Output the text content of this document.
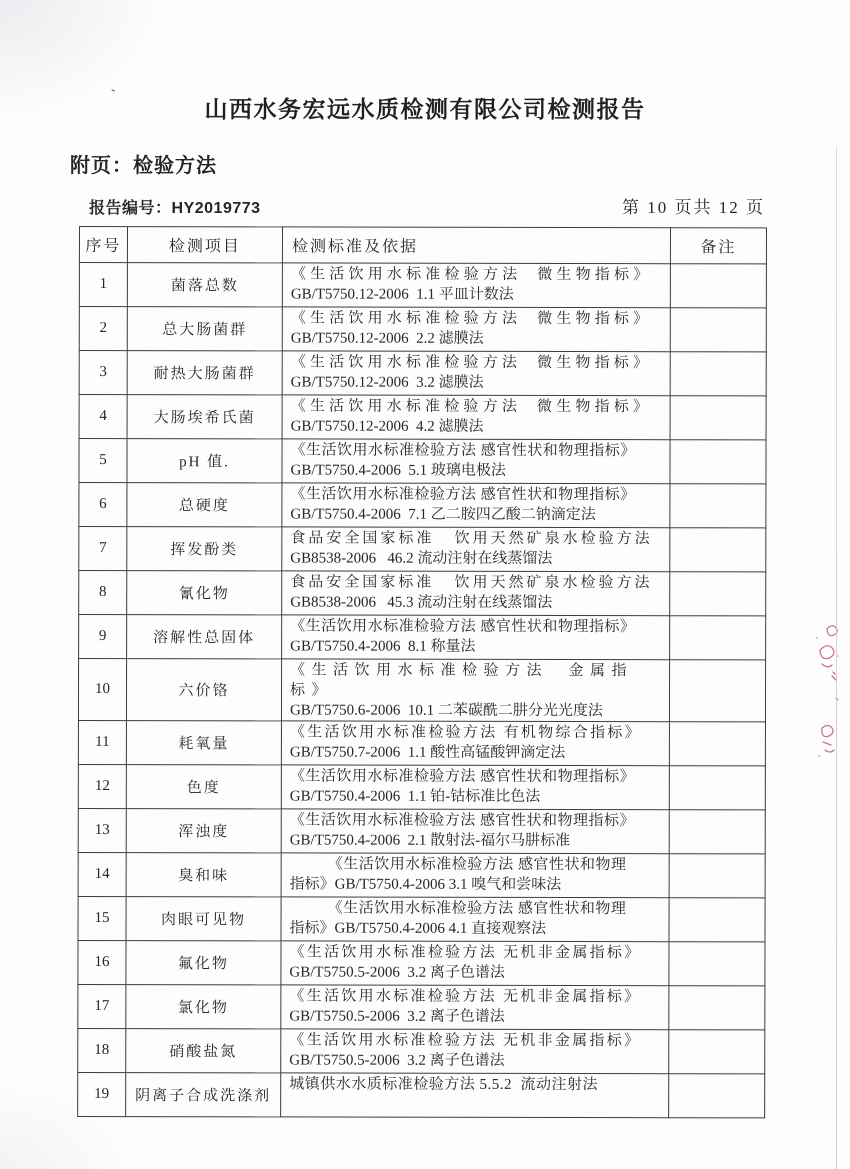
`
山西水务宏远水质检测有限公司检测报告
附页：检验方法
报告编号：HY2019773	第 10 页共 12 页
序号	检测项目	检测标准及依据	备注
1	菌落总数	《生活饮用水标准检验方法  微生物指标》
GB/T5750.12-2006  1.1 平皿计数法	

2	总大肠菌群	《生活饮用水标准检验方法  微生物指标》
GB/T5750.12-2006  2.2 滤膜法	

3	耐热大肠菌群	《生活饮用水标准检验方法  微生物指标》
GB/T5750.12-2006  3.2 滤膜法	

4	大肠埃希氏菌	《生活饮用水标准检验方法  微生物指标》
GB/T5750.12-2006  4.2 滤膜法	

5	pH 值.	《生活饮用水标准检验方法 感官性状和物理指标》
GB/T5750.4-2006  5.1 玻璃电极法	

6	总硬度	《生活饮用水标准检验方法 感官性状和物理指标》
GB/T5750.4-2006  7.1 乙二胺四乙酸二钠滴定法	

7	挥发酚类	食品安全国家标准   饮用天然矿泉水检验方法
GB8538-2006   46.2 流动注射在线蒸馏法	

8	氰化物	食品安全国家标准   饮用天然矿泉水检验方法
GB8538-2006   45.3 流动注射在线蒸馏法	

9	溶解性总固体	《生活饮用水标准检验方法 感官性状和物理指标》
GB/T5750.4-2006  8.1 称量法	

10	六价铬	《生活饮用水标准检验方法  金属指标》
GB/T5750.6-2006  10.1 二苯碳酰二肼分光光度法	

11	耗氧量	《生活饮用水标准检验方法 有机物综合指标》
GB/T5750.7-2006  1.1 酸性高锰酸钾滴定法	

12	色度	《生活饮用水标准检验方法 感官性状和物理指标》
GB/T5750.4-2006  1.1 铂-钴标准比色法	

13	浑浊度	《生活饮用水标准检验方法 感官性状和物理指标》
GB/T5750.4-2006  2.1 散射法-福尔马肼标准	

14	臭和味	《生活饮用水标准检验方法 感官性状和物理
指标》GB/T5750.4-2006 3.1 嗅气和尝味法	

15	肉眼可见物	《生活饮用水标准检验方法 感官性状和物理
指标》GB/T5750.4-2006 4.1 直接观察法	

16	氟化物	《生活饮用水标准检验方法 无机非金属指标》
GB/T5750.5-2006  3.2 离子色谱法	

17	氯化物	《生活饮用水标准检验方法 无机非金属指标》
GB/T5750.5-2006  3.2 离子色谱法	

18	硝酸盐氮	《生活饮用水标准检验方法 无机非金属指标》
GB/T5750.5-2006  3.2 离子色谱法	

19	阴离子合成洗涤剂	城镇供水水质标准检验方法 5.5.2  流动注射法	
